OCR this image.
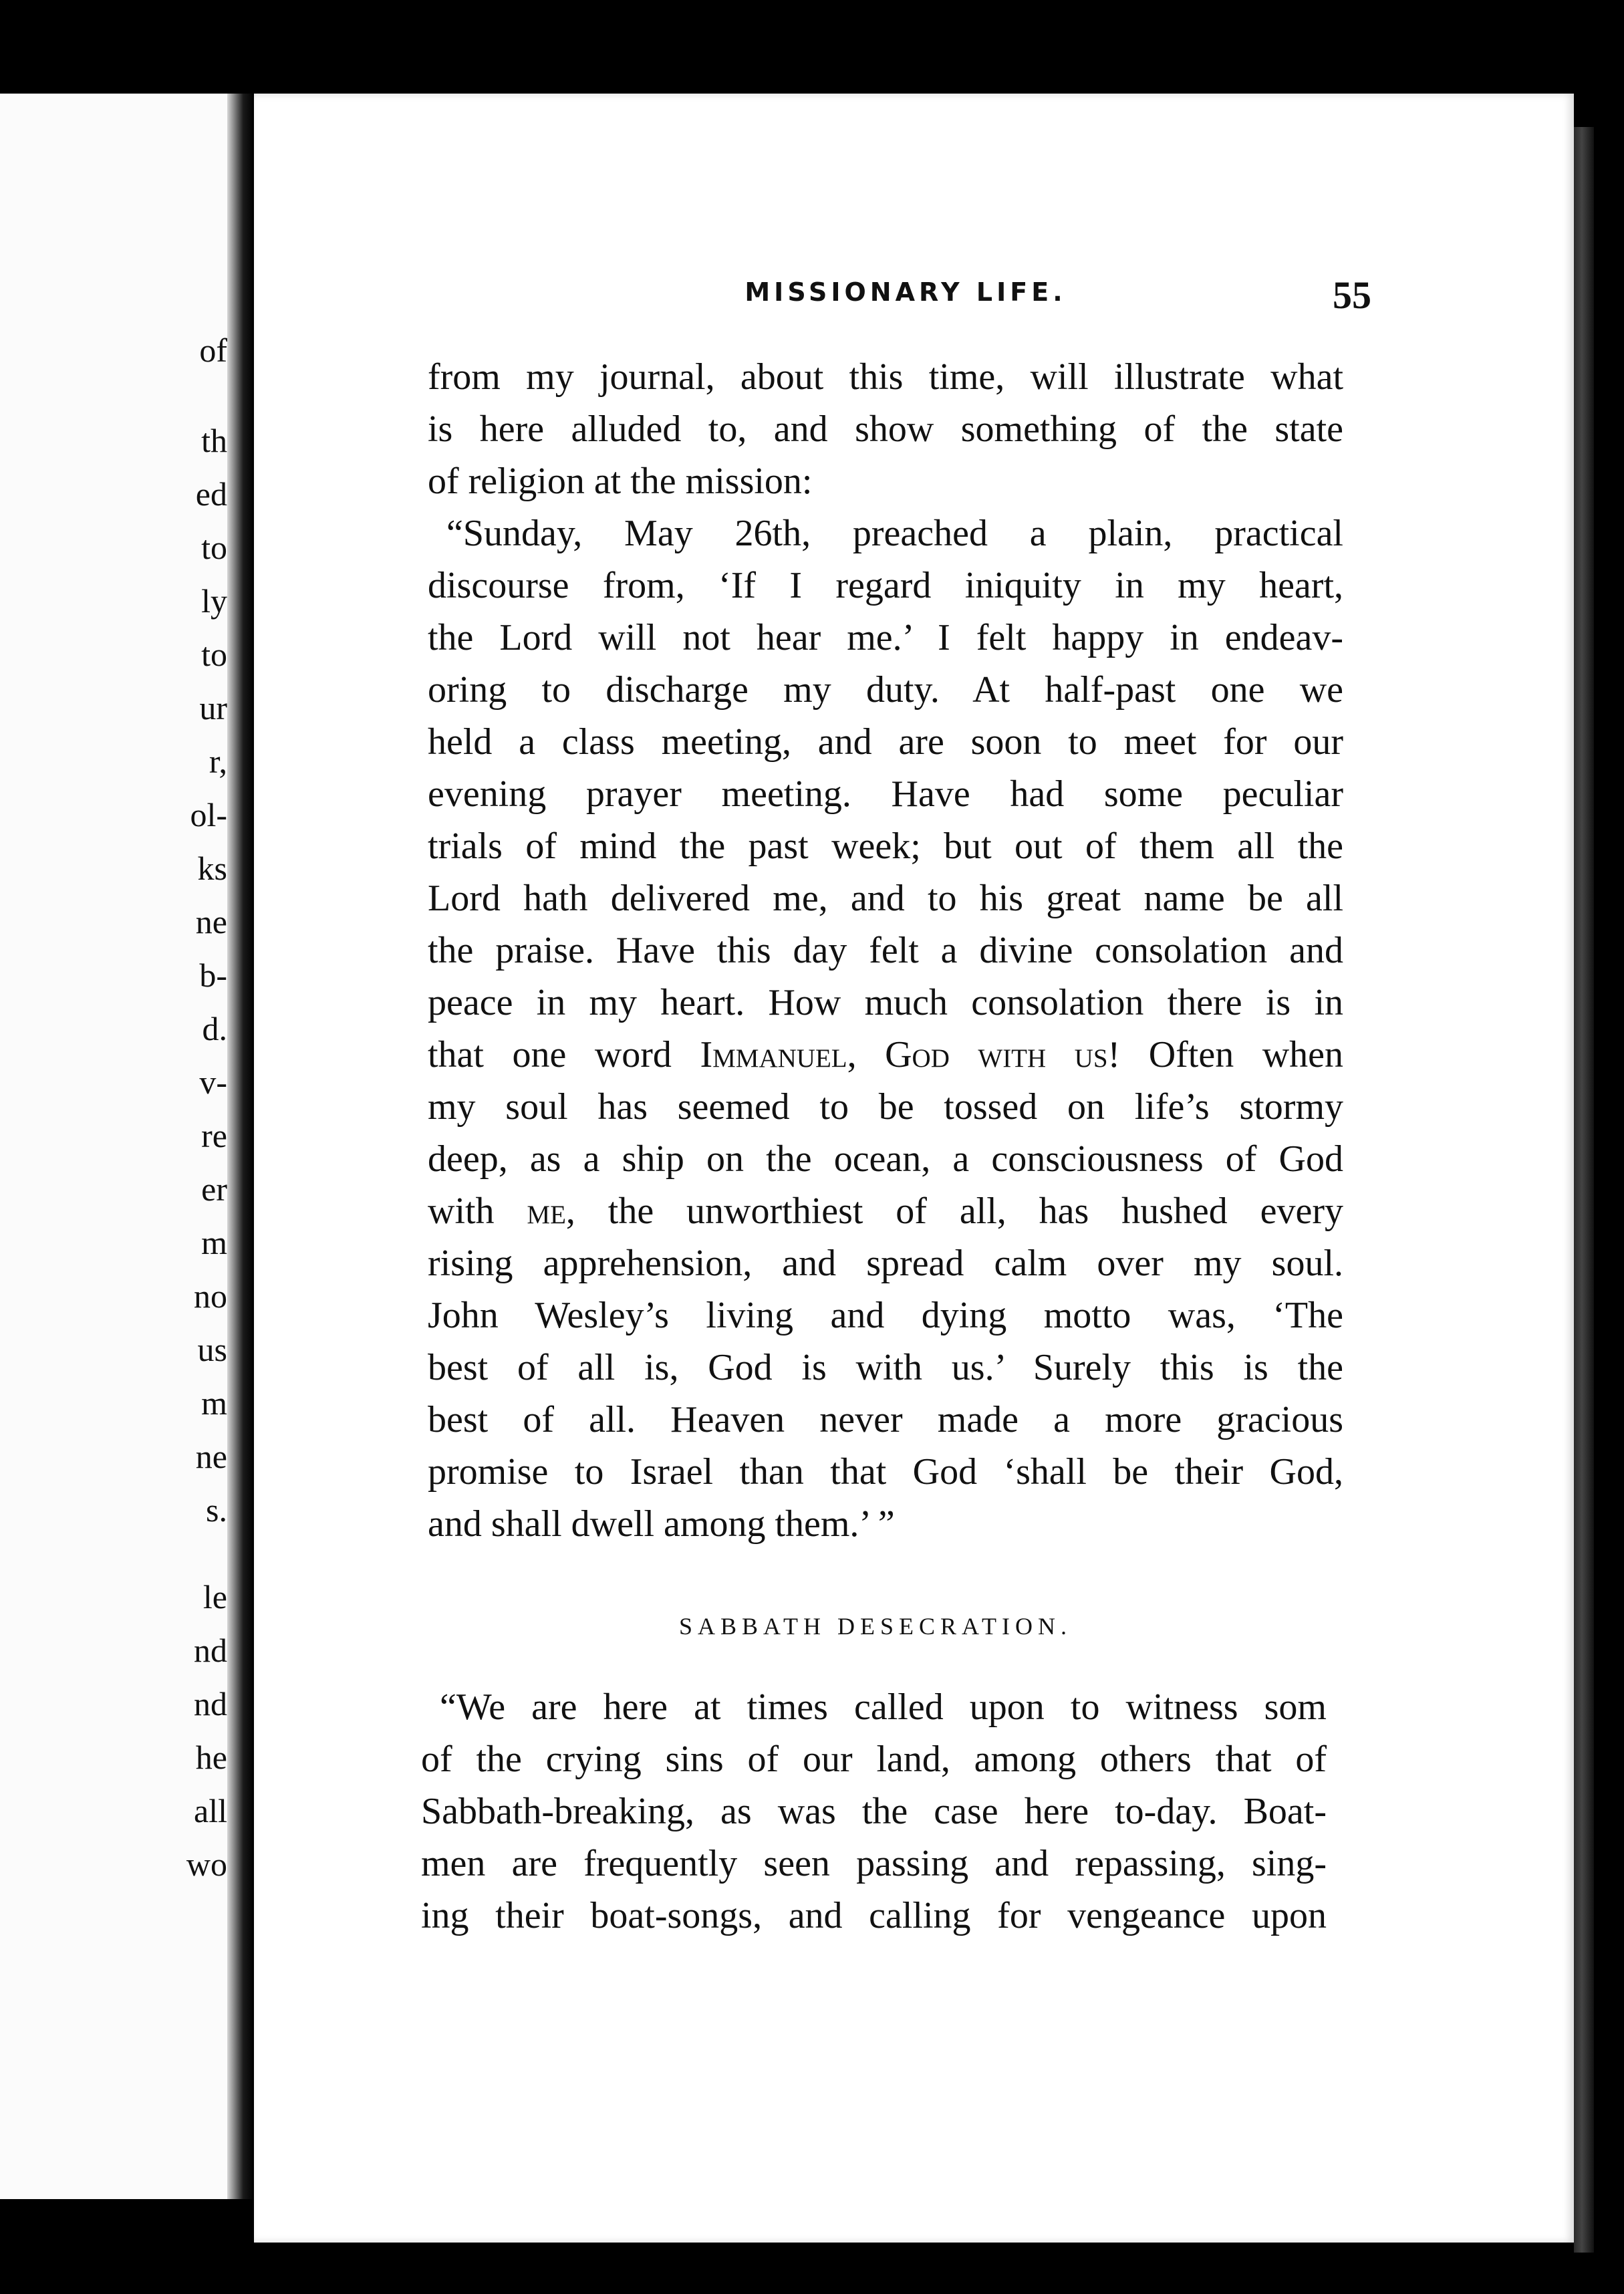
of
th
ed
to
ly
to
ur
r,
ol-
ks
ne
b-
d.
v-
re
er
m
no
us
m
ne
s.
le
nd
nd
he
all
wo
MISSIONARY LIFE.	55
from my journal, about this time, will illustrate what
is here alluded to, and show something of the state
of religion at the mission:
“Sunday, May 26th, preached a plain, practical
discourse from, ‘If I regard iniquity in my heart,
the Lord will not hear me.’ I felt happy in endeav-
oring to discharge my duty. At half-past one we
held a class meeting, and are soon to meet for our
evening prayer meeting. Have had some peculiar
trials of mind the past week; but out of them all the
Lord hath delivered me, and to his great name be all
the praise. Have this day felt a divine consolation and
peace in my heart. How much consolation there is in
that one word Immanuel, God with us! Often when
my soul has seemed to be tossed on life’s stormy
deep, as a ship on the ocean, a consciousness of God
with me, the unworthiest of all, has hushed every
rising apprehension, and spread calm over my soul.
John Wesley’s living and dying motto was, ‘The
best of all is, God is with us.’ Surely this is the
best of all. Heaven never made a more gracious
promise to Israel than that God ‘shall be their God,
and shall dwell among them.’ ”
SABBATH DESECRATION.
“We are here at times called upon to witness som
of the crying sins of our land, among others that of
Sabbath-breaking, as was the case here to-day. Boat-
men are frequently seen passing and repassing, sing-
ing their boat-songs, and calling for vengeance upon
